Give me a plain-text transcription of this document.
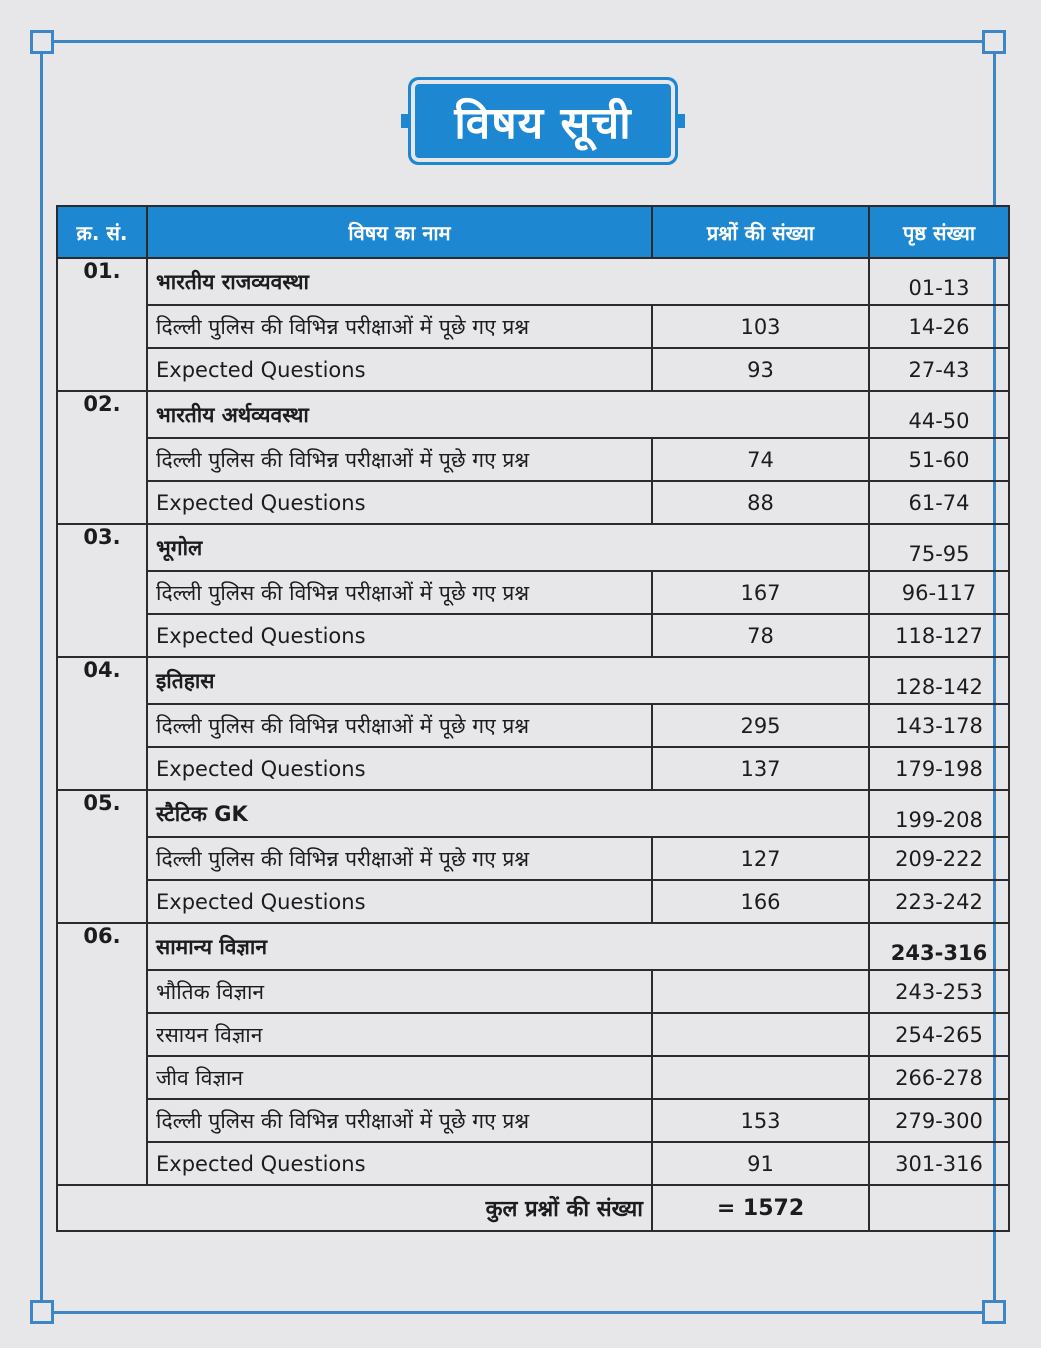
विषय सूची
क्र. सं.	विषय का नाम	प्रश्नों की संख्या	पृष्ठ संख्या
01.	भारतीय राजव्यवस्था		01-13
	दिल्ली पुलिस की विभिन्न परीक्षाओं में पूछे गए प्रश्न	103	14-26
	Expected Questions	93	27-43
02.	भारतीय अर्थव्यवस्था		44-50
	दिल्ली पुलिस की विभिन्न परीक्षाओं में पूछे गए प्रश्न	74	51-60
	Expected Questions	88	61-74
03.	भूगोल		75-95
	दिल्ली पुलिस की विभिन्न परीक्षाओं में पूछे गए प्रश्न	167	96-117
	Expected Questions	78	118-127
04.	इतिहास		128-142
	दिल्ली पुलिस की विभिन्न परीक्षाओं में पूछे गए प्रश्न	295	143-178
	Expected Questions	137	179-198
05.	स्टैटिक GK		199-208
	दिल्ली पुलिस की विभिन्न परीक्षाओं में पूछे गए प्रश्न	127	209-222
	Expected Questions	166	223-242
06.	सामान्य विज्ञान		243-316
	भौतिक विज्ञान		243-253
	रसायन विज्ञान		254-265
	जीव विज्ञान		266-278
	दिल्ली पुलिस की विभिन्न परीक्षाओं में पूछे गए प्रश्न	153	279-300
	Expected Questions	91	301-316
कुल प्रश्नों की संख्या		= 1572	
